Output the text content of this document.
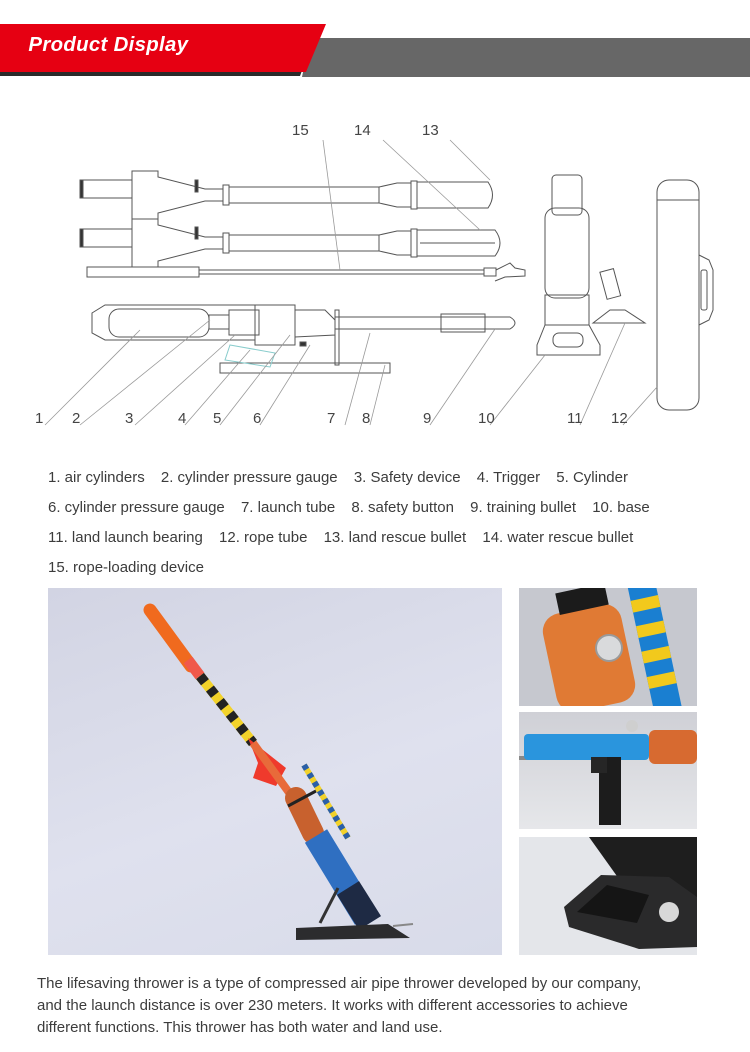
Product Display
1 2	3	4 5 6	7 8	9	10	11 12
15	14	13
1. air cylinders 2. cylinder pressure gauge 3. Safety device 4. Trigger 5. Cylinder
6. cylinder pressure gauge 7. launch tube 8. safety button 9. training bullet 10. base
11. land launch bearing 12. rope tube 13. land rescue bullet 14. water rescue bullet
15. rope-loading device
The lifesaving thrower is a type of compressed air pipe thrower developed by our company,
and the launch distance is over 230 meters. It works with different accessories to achieve
different functions. This thrower has both water and land use.
